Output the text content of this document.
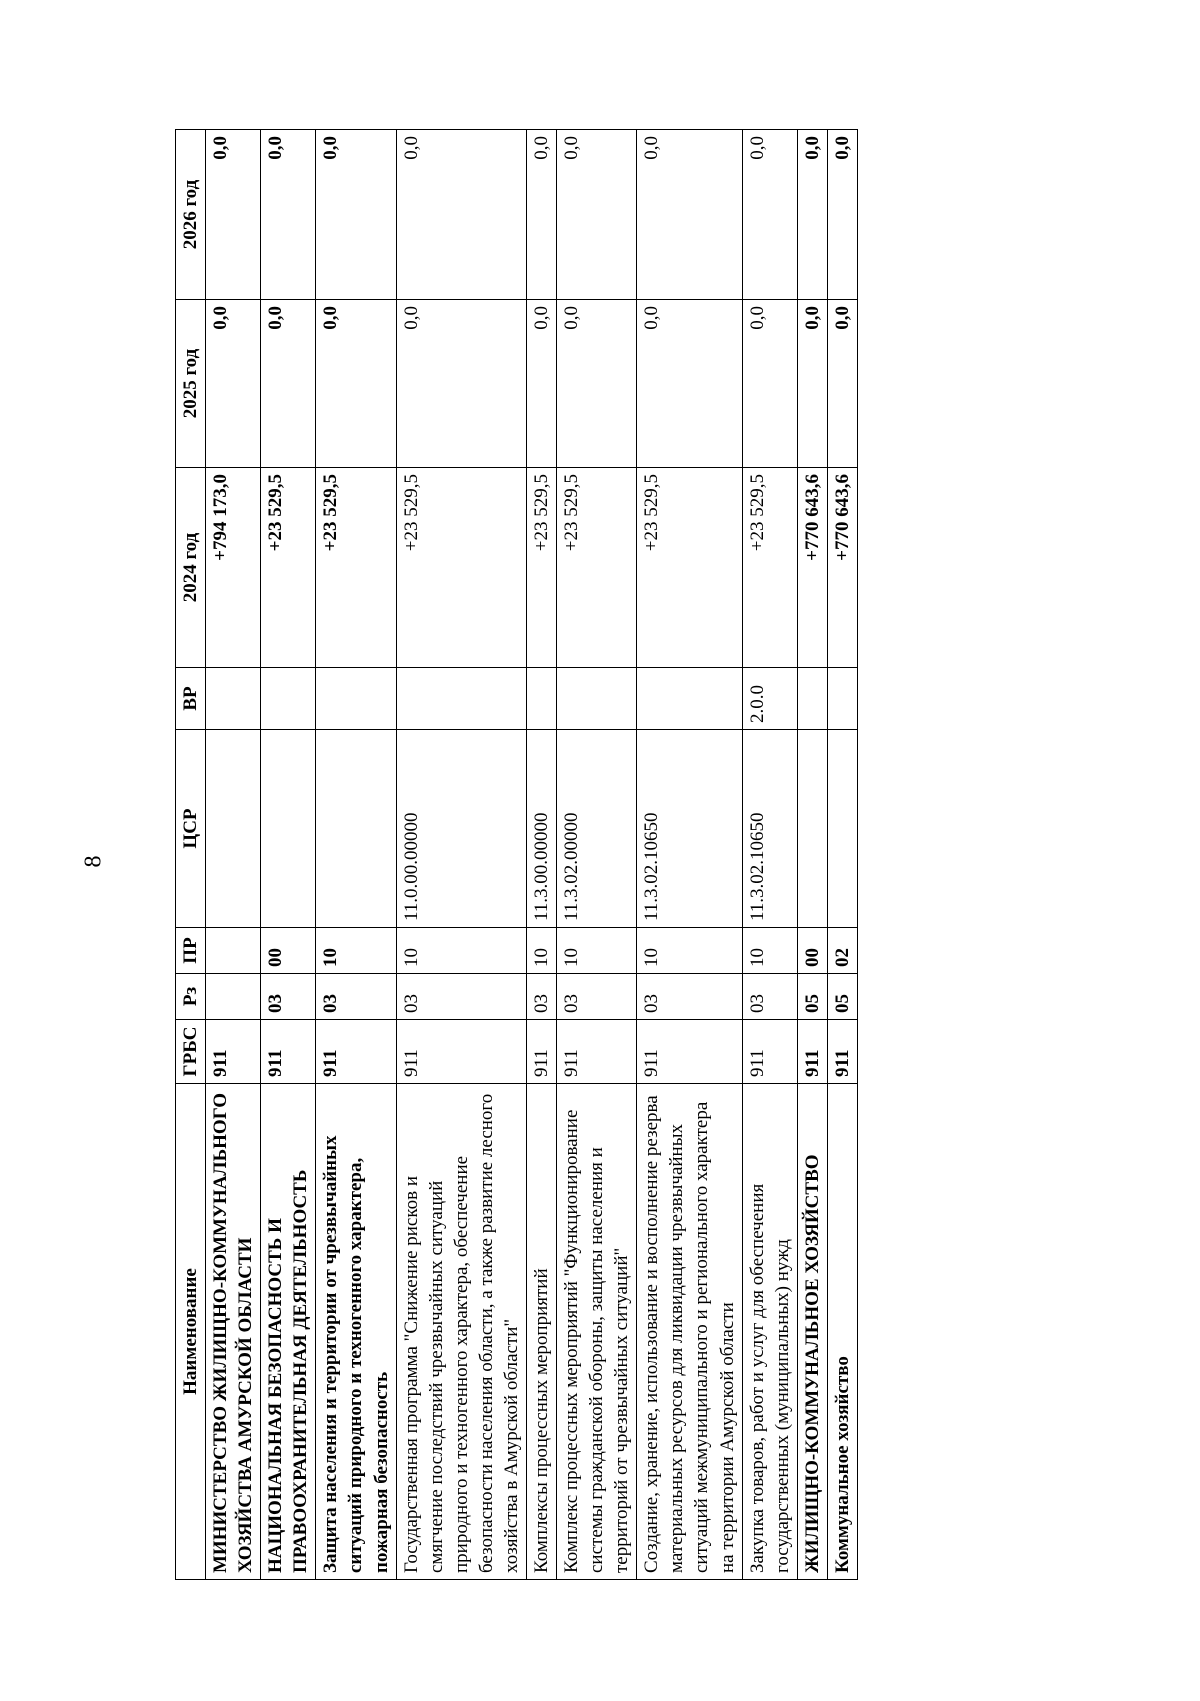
8
Наименование	ГРБС	Рз	ПР	ЦСР	ВР	2024 год	2025 год	2026 год
МИНИСТЕРСТВО ЖИЛИЩНО-КОММУНАЛЬНОГО ХОЗЯЙСТВА АМУРСКОЙ ОБЛАСТИ	911					+794 173,0	0,0	0,0
НАЦИОНАЛЬНАЯ БЕЗОПАСНОСТЬ И ПРАВООХРАНИТЕЛЬНАЯ ДЕЯТЕЛЬНОСТЬ	911	03	00			+23 529,5	0,0	0,0
Защита населения и территории от чрезвычайных ситуаций природного и техногенного характера, пожарная безопасность	911	03	10			+23 529,5	0,0	0,0
Государственная программа "Снижение рисков и смягчение последствий чрезвычайных ситуаций природного и техногенного характера, обеспечение безопасности населения области, а также развитие лесного хозяйства в Амурской области"	911	03	10	11.0.00.00000		+23 529,5	0,0	0,0
Комплексы процессных мероприятий	911	03	10	11.3.00.00000		+23 529,5	0,0	0,0
Комплекс процессных мероприятий "Функционирование системы гражданской обороны, защиты населения и территорий от чрезвычайных ситуаций"	911	03	10	11.3.02.00000		+23 529,5	0,0	0,0
Создание, хранение, использование и восполнение резерва материальных ресурсов для ликвидации чрезвычайных ситуаций межмуниципального и регионального характера на территории Амурской области	911	03	10	11.3.02.10650		+23 529,5	0,0	0,0
Закупка товаров, работ и услуг для обеспечения государственных (муниципальных) нужд	911	03	10	11.3.02.10650	2.0.0	+23 529,5	0,0	0,0
ЖИЛИЩНО-КОММУНАЛЬНОЕ ХОЗЯЙСТВО	911	05	00			+770 643,6	0,0	0,0
Коммунальное хозяйство	911	05	02			+770 643,6	0,0	0,0
